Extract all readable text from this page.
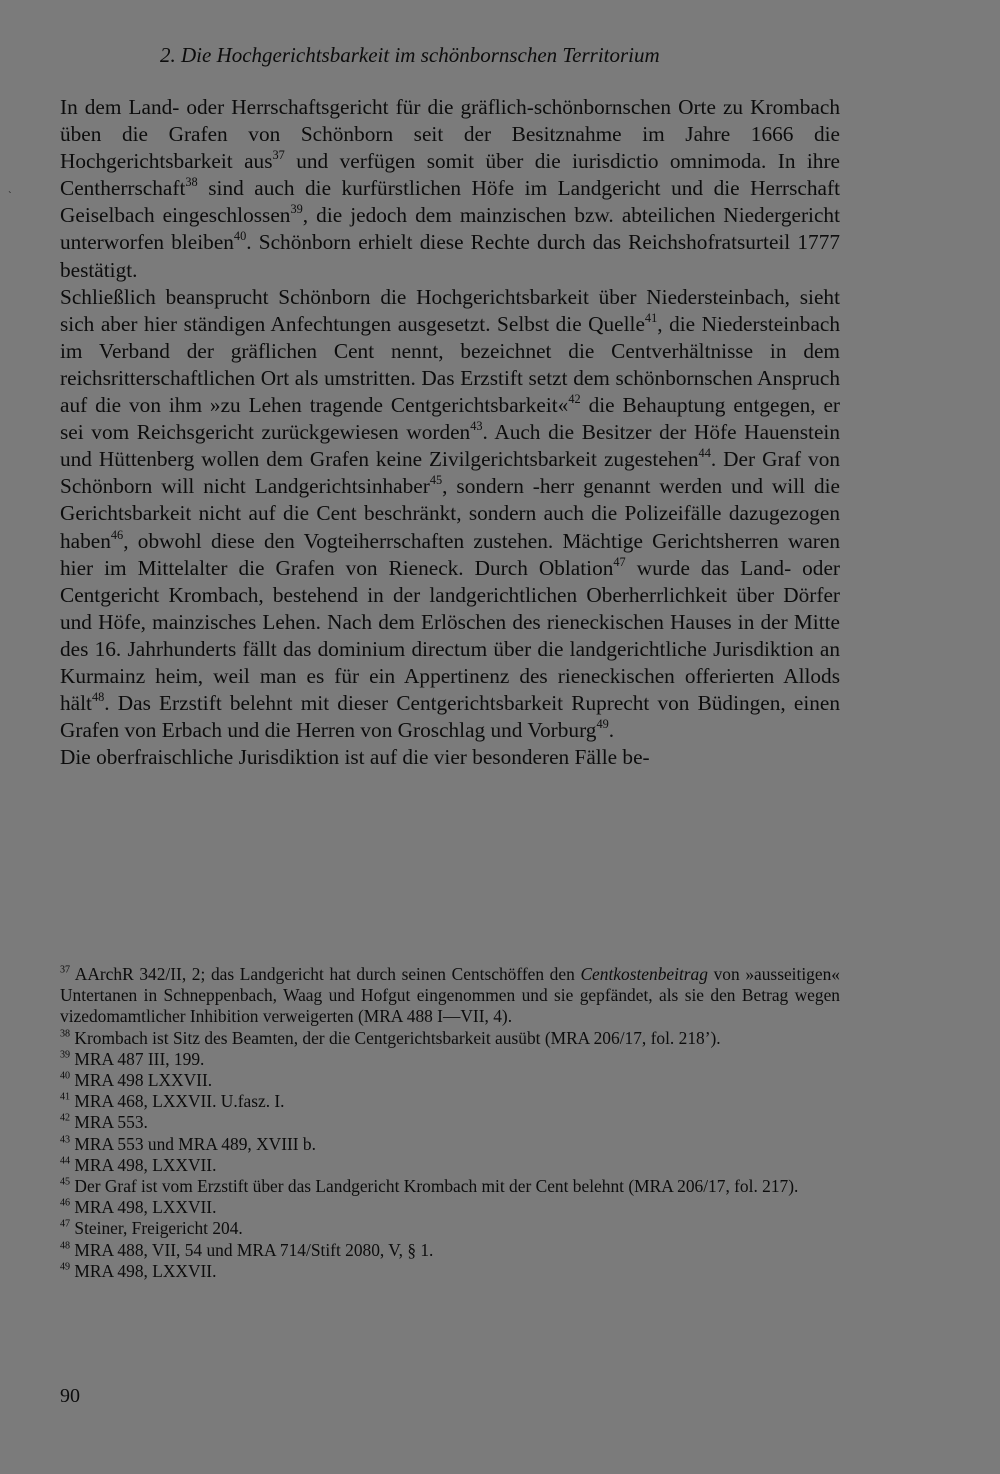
`
2. Die Hochgerichtsbarkeit im schönbornschen Territorium

In dem Land- oder Herrschaftsgericht für die gräflich-schönbornschen Orte zu Krombach üben die Grafen von Schönborn seit der Besitznahme im Jahre 1666 die Hochgerichtsbarkeit aus$^{37}$ und verfügen somit über die iurisdictio omnimoda. In ihre Centherrschaft$^{38}$ sind auch die kurfürstlichen Höfe im Landgericht und die Herrschaft Geiselbach eingeschlossen$^{39}$, die jedoch dem mainzischen bzw. abteilichen Niedergericht unterworfen bleiben$^{40}$. Schönborn erhielt diese Rechte durch das Reichshofratsurteil 1777 bestätigt.

Schließlich beansprucht Schönborn die Hochgerichtsbarkeit über Niedersteinbach, sieht sich aber hier ständigen Anfechtungen ausgesetzt. Selbst die Quelle$^{41}$, die Niedersteinbach im Verband der gräflichen Cent nennt, bezeichnet die Centverhältnisse in dem reichsritterschaftlichen Ort als umstritten. Das Erzstift setzt dem schönbornschen Anspruch auf die von ihm »zu Lehen tragende Centgerichtsbarkeit«$^{42}$ die Behauptung entgegen, er sei vom Reichsgericht zurückgewiesen worden$^{43}$. Auch die Besitzer der Höfe Hauenstein und Hüttenberg wollen dem Grafen keine Zivilgerichtsbarkeit zugestehen$^{44}$. Der Graf von Schönborn will nicht Landgerichtsinhaber$^{45}$, sondern -herr genannt werden und will die Gerichtsbarkeit nicht auf die Cent beschränkt, sondern auch die Polizeifälle dazugezogen haben$^{46}$, obwohl diese den Vogteiherrschaften zustehen. Mächtige Gerichtsherren waren hier im Mittelalter die Grafen von Rieneck. Durch Oblation$^{47}$ wurde das Land- oder Centgericht Krombach, bestehend in der landgerichtlichen Oberherrlichkeit über Dörfer und Höfe, mainzisches Lehen. Nach dem Erlöschen des rieneckischen Hauses in der Mitte des 16. Jahrhunderts fällt das dominium directum über die landgerichtliche Jurisdiktion an Kurmainz heim, weil man es für ein Appertinenz des rieneckischen offerierten Allods hält$^{48}$. Das Erzstift belehnt mit dieser Centgerichtsbarkeit Ruprecht von Büdingen, einen Grafen von Erbach und die Herren von Groschlag und Vorburg$^{49}$.

Die oberfraischliche Jurisdiktion ist auf die vier besonderen Fälle be-

$^{37}$ AArchR 342/II, 2; das Landgericht hat durch seinen Centschöffen den Centkostenbeitrag von »ausseitigen« Untertanen in Schneppenbach, Waag und Hofgut eingenommen und sie gepfändet, als sie den Betrag wegen vizedomamtlicher Inhibition verweigerten (MRA 488 I—VII, 4).

$^{38}$ Krombach ist Sitz des Beamten, der die Centgerichtsbarkeit ausübt (MRA 206/17, fol. 218’).

$^{39}$ MRA 487 III, 199.

$^{40}$ MRA 498 LXXVII.

$^{41}$ MRA 468, LXXVII. U.fasz. I.

$^{42}$ MRA 553.

$^{43}$ MRA 553 und MRA 489, XVIII b.

$^{44}$ MRA 498, LXXVII.

$^{45}$ Der Graf ist vom Erzstift über das Landgericht Krombach mit der Cent belehnt (MRA 206/17, fol. 217).

$^{46}$ MRA 498, LXXVII.

$^{47}$ Steiner, Freigericht 204.

$^{48}$ MRA 488, VII, 54 und MRA 714/Stift 2080, V, § 1.

$^{49}$ MRA 498, LXXVII.

90
